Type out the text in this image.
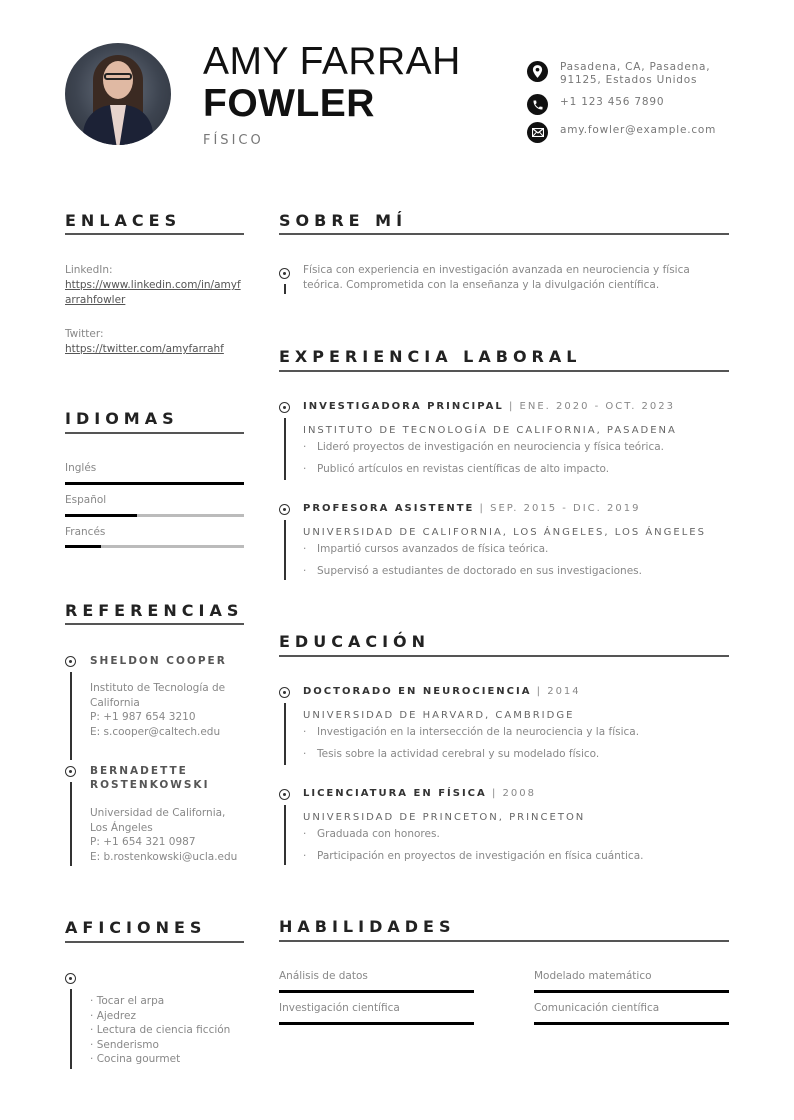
AMY FARRAH
FOWLER
FÍSICO
Pasadena, CA, Pasadena, 91125, Estados Unidos
+1 123 456 7890
amy.fowler@example.com
ENLACES
LinkedIn:
https://www.linkedin.com/in/amyfarrahfowler
Twitter:
https://twitter.com/amyfarrahf
IDIOMAS
Inglés
Español
Francés
REFERENCIAS
SHELDON COOPER
Instituto de Tecnología de California
P: +1 987 654 3210
E: s.cooper@caltech.edu
BERNADETTE ROSTENKOWSKI
Universidad de California, Los Ángeles
P: +1 654 321 0987
E: b.rostenkowski@ucla.edu
AFICIONES
· Tocar el arpa
· Ajedrez
· Lectura de ciencia ficción
· Senderismo
· Cocina gourmet
SOBRE MÍ
Física con experiencia en investigación avanzada en neurociencia y física teórica. Comprometida con la enseñanza y la divulgación científica.
EXPERIENCIA LABORAL
INVESTIGADORA PRINCIPAL | ENE. 2020 - OCT. 2023
INSTITUTO DE TECNOLOGÍA DE CALIFORNIA, PASADENA
· Lideró proyectos de investigación en neurociencia y física teórica.
· Publicó artículos en revistas científicas de alto impacto.
PROFESORA ASISTENTE | SEP. 2015 - DIC. 2019
UNIVERSIDAD DE CALIFORNIA, LOS ÁNGELES, LOS ÁNGELES
· Impartió cursos avanzados de física teórica.
· Supervisó a estudiantes de doctorado en sus investigaciones.
EDUCACIÓN
DOCTORADO EN NEUROCIENCIA | 2014
UNIVERSIDAD DE HARVARD, CAMBRIDGE
· Investigación en la intersección de la neurociencia y la física.
· Tesis sobre la actividad cerebral y su modelado físico.
LICENCIATURA EN FÍSICA | 2008
UNIVERSIDAD DE PRINCETON, PRINCETON
· Graduada con honores.
· Participación en proyectos de investigación en física cuántica.
HABILIDADES
Análisis de datos	Modelado matemático
Investigación científica	Comunicación científica
